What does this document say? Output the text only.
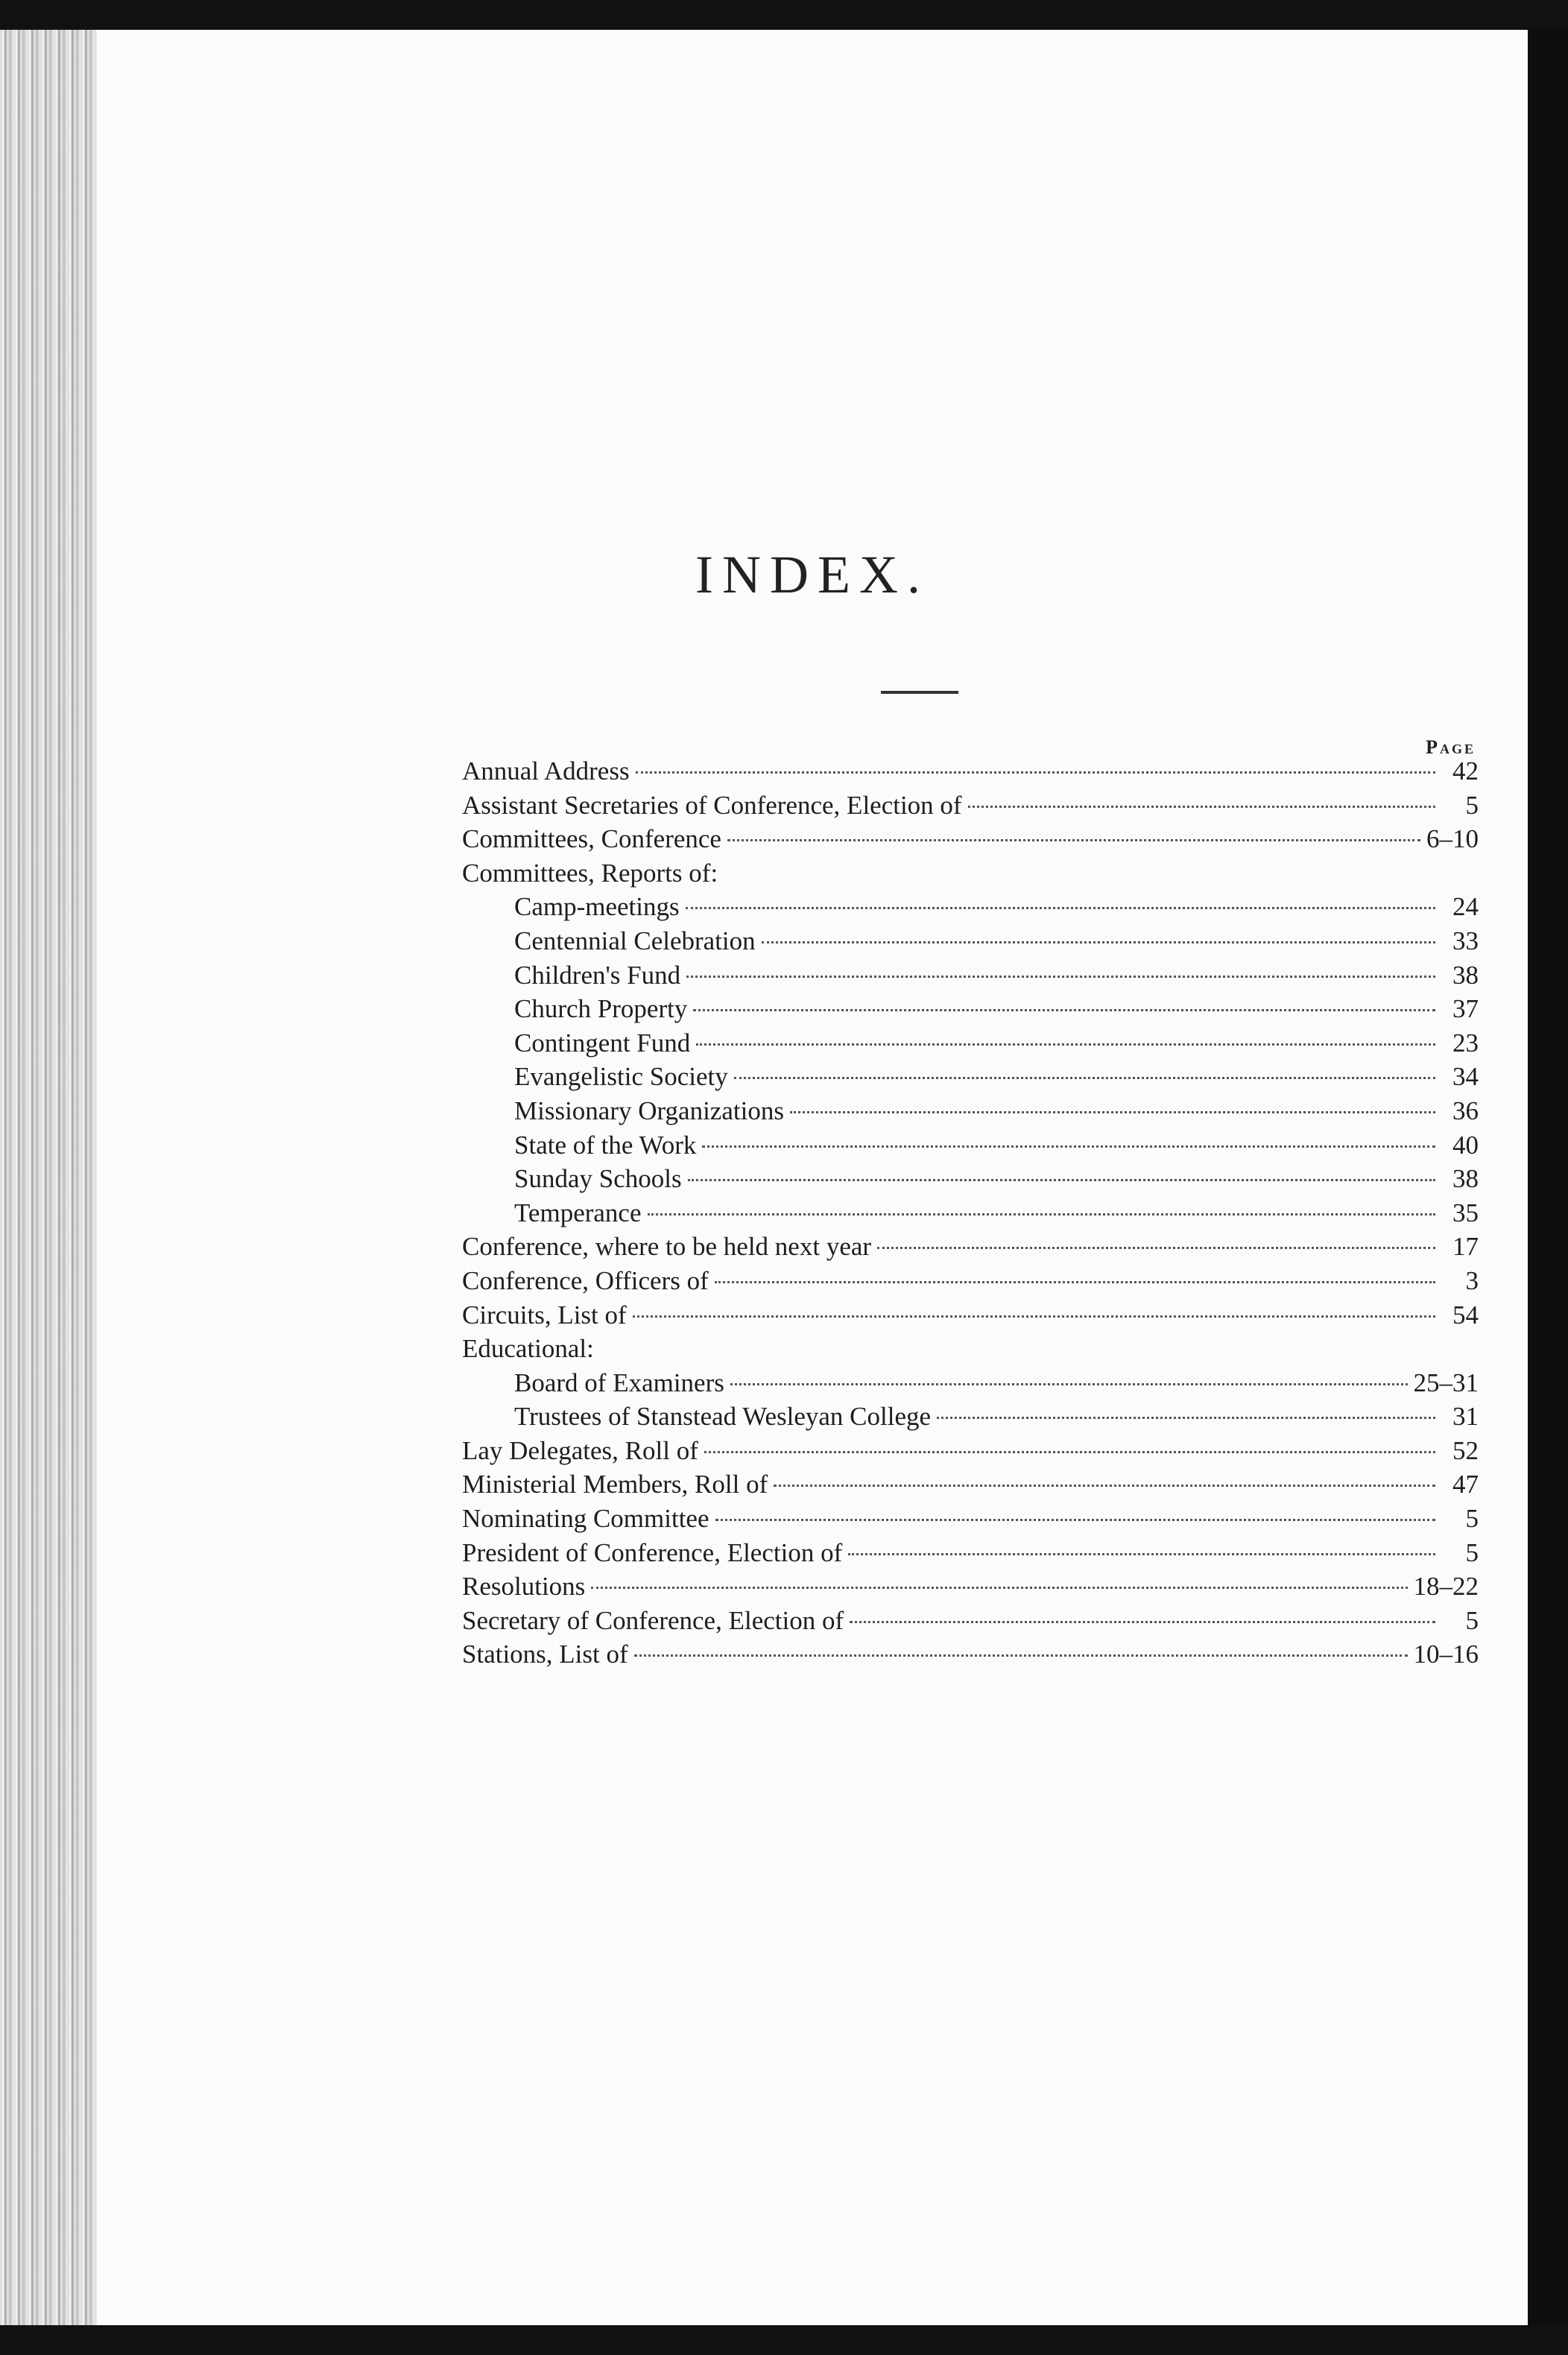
INDEX.
Page
Annual Address	42
Assistant Secretaries of Conference, Election of	5
Committees, Conference	6–10
Committees, Reports of:
Camp-meetings	24
Centennial Celebration	33
Children's Fund	38
Church Property	37
Contingent Fund	23
Evangelistic Society	34
Missionary Organizations	36
State of the Work	40
Sunday Schools	38
Temperance	35
Conference, where to be held next year	17
Conference, Officers of	3
Circuits, List of	54
Educational:
Board of Examiners	25–31
Trustees of Stanstead Wesleyan College	31
Lay Delegates, Roll of	52
Ministerial Members, Roll of	47
Nominating Committee	5
President of Conference, Election of	5
Resolutions	18–22
Secretary of Conference, Election of	5
Stations, List of	10–16
